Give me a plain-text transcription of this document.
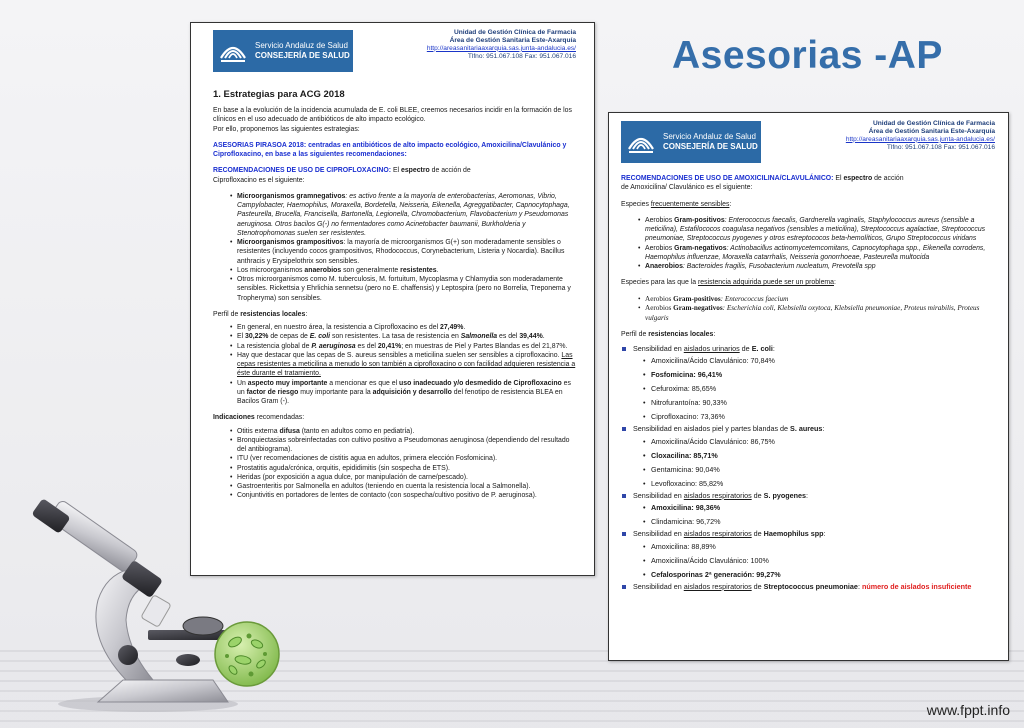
Asesorias -AP
Servicio Andaluz de Salud
CONSEJERÍA DE SALUD
Unidad de Gestión Clínica de Farmacia
Área de Gestión Sanitaria Este-Axarquía
http://areasanitariaaxarquia.sas.junta-andalucia.es/
Tlfno: 951.067.108 Fax: 951.067.016
1. Estrategias para ACG 2018

En base a la evolución de la incidencia acumulada de E. coli BLEE, creemos necesarios incidir en la formación de los clínicos en el uso adecuado de antibióticos de alto impacto ecológico.

Por ello, proponemos las siguientes estrategias:

ASESORIAS PIRASOA 2018: centradas en antibióticos de alto impacto ecológico, Amoxicilina/Clavulánico y Ciprofloxacino, en base a las siguientes recomendaciones:

RECOMENDACIONES DE USO DE CIPROFLOXACINO: El espectro de acción de

Ciprofloxacino es el siguiente:

• Microorganismos gramnegativos: es activo frente a la mayoría de enterobacterias, Aeromonas, Vibrio, Campylobacter, Haemophilus, Moraxella, Bordetella, Neisseria, Eikenella, Agreggatibacter, Capnocytophaga, Pasteurella, Brucella, Francisella, Bartonella, Legionella, Chromobacterium, Flavobacterium y Pseudomonas aeruginosa. Otros bacilos G(-) no fermentadores como Acinetobacter baumanii, Burkholderia y Stenotrophomonas suelen ser resistentes.
• Microorganismos grampositivos: la mayoría de microorganismos G(+) son moderadamente sensibles o resistentes (incluyendo cocos grampositivos, Rhodococcus, Corynebacterium, Listeria y Nocardia). Bacillus anthracis y Erysipelothrix son sensibles.
• Los microorganismos anaerobios son generalmente resistentes.
• Otros microorganismos como M. tuberculosis, M. fortuitum, Mycoplasma y Chlamydia son moderadamente sensibles. Rickettsia y Ehrlichia sennetsu (pero no E. chaffensis) y Leptospira (pero no Borrelia, Treponema y Tropheryma) son sensibles.

Perfil de resistencias locales:

• En general, en nuestro área, la resistencia a Ciprofloxacino es del 27,49%.
• El 30,22% de cepas de E. coli son resistentes. La tasa de resistencia en Salmonella es del 39,44%.
• La resistencia global de P. aeruginosa es del 20,41%; en muestras de Piel y Partes Blandas es del 21,87%.
• Hay que destacar que las cepas de S. aureus sensibles a meticilina suelen ser sensibles a ciprofloxacino. Las cepas resistentes a meticilina a menudo lo son también a ciprofloxacino o con facilidad adquieren resistencia a éste durante el tratamiento.
• Un aspecto muy importante a mencionar es que el uso inadecuado y/o desmedido de Ciprofloxacino es un factor de riesgo muy importante para la adquisición y desarrollo del fenotipo de resistencia BLEA en Bacilos Gram (-).

Indicaciones recomendadas:

• Otitis externa difusa (tanto en adultos como en pediatría).
• Bronquiectasias sobreinfectadas con cultivo positivo a Pseudomonas aeruginosa (dependiendo del resultado del antibiograma).
• ITU (ver recomendaciones de cistitis agua en adultos, primera elección Fosfomicina).
• Prostatitis aguda/crónica, orquitis, epididimitis (sin sospecha de ETS).
• Heridas (por exposición a agua dulce, por manipulación de carne/pescado).
• Gastroenteritis por Salmonella en adultos (teniendo en cuenta la resistencia local a Salmonella).
• Conjuntivitis en portadores de lentes de contacto (con sospecha/cultivo positivo de P. aeruginosa).
Servicio Andaluz de Salud
CONSEJERÍA DE SALUD
Unidad de Gestión Clínica de Farmacia
Área de Gestión Sanitaria Este-Axarquía
http://areasanitariaaxarquia.sas.junta-andalucia.es/
Tlfno: 951.067.108 Fax: 951.067.016

RECOMENDACIONES DE USO DE AMOXICILINA/CLAVULÁNICO: El espectro de acción

de Amoxicilina/ Clavulánico es el siguiente:

Especies frecuentemente sensibles:

• Aerobios Gram-positivos: Enterococcus faecalis, Gardnerella vaginalis, Staphylococcus aureus (sensible a meticilina), Estafilococos coagulasa negativos (sensibles a meticilina), Streptococcus agalactiae, Streptococcus pneumoniae, Streptococcus pyogenes y otros estreptococos beta-hemolíticos, Grupo Streptococcus viridans
• Aerobios Gram-negativos: Actinobacillus actinomycetemcomitans, Capnocytophaga spp., Eikenella corrodens, Haemophilus influenzae, Moraxella catarrhalis, Neisseria gonorrhoeae, Pasteurella multocida
• Anaerobios: Bacteroides fragilis, Fusobacterium nucleatum, Prevotella spp

Especies para las que la resistencia adquirida puede ser un problema:

• Aerobios Gram-positivos: Enterococcus faecium
• Aerobios Gram-negativos: Escherichia coli, Klebsiella oxytoca, Klebsiella pneumoniae, Proteus mirabilis, Proteus vulgaris

Perfil de resistencias locales:

Sensibilidad en aislados urinarios de E. coli:
• Amoxicilina/Ácido Clavulánico: 70,84%
• Fosfomicina: 96,41%
• Cefuroxima: 85,65%
• Nitrofurantoína: 90,33%
• Ciprofloxacino: 73,36%
Sensibilidad en aislados piel y partes blandas de S. aureus:
• Amoxicilina/Ácido Clavulánico: 86,75%
• Cloxacilina: 85,71%
• Gentamicina: 90,04%
• Levofloxacino: 85,82%
Sensibilidad en aislados respiratorios de S. pyogenes:
• Amoxicilina: 98,36%
• Clindamicina: 96,72%
Sensibilidad en aislados respiratorios de Haemophilus spp:
• Amoxicilina: 88,89%
• Amoxicilina/Ácido Clavulánico: 100%
• Cefalosporinas 2ª generación: 99,27%
Sensibilidad en aislados respiratorios de Streptococcus pneumoniae: número de aislados insuficiente
www.fppt.info
